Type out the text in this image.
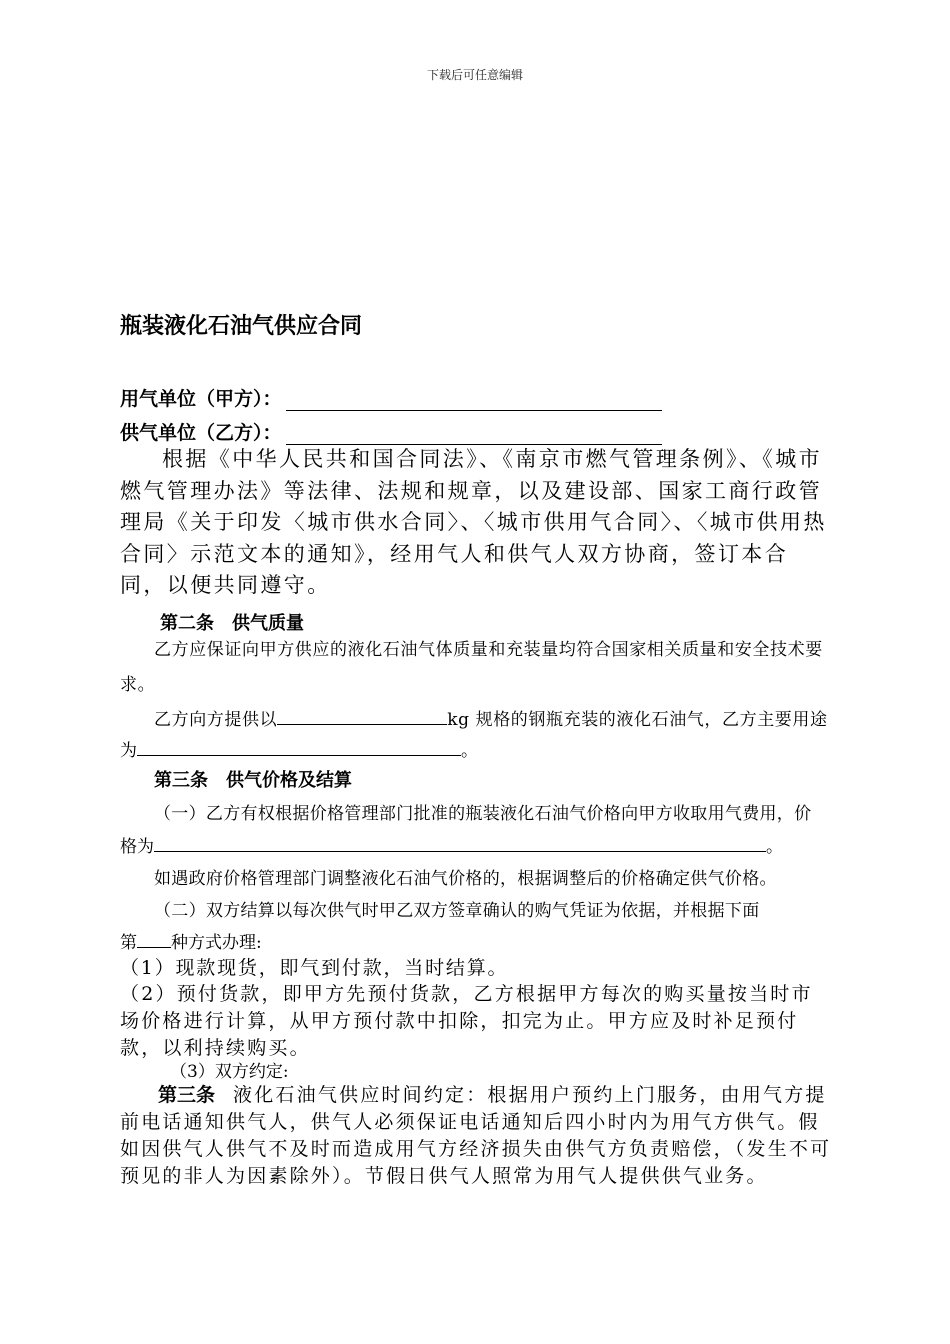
下载后可任意编辑
瓶装液化石油气供应合同
用气单位（甲方）：
供气单位（乙方）：
根据《中华人民共和国合同法》、《南京市燃气管理条例》、《城市燃气管理办法》等法律、法规和规章，以及建设部、国家工商行政管理局《关于印发〈城市供水合同〉、〈城市供用气合同〉、〈城市供用热合同〉示范文本的通知》，经用气人和供气人双方协商，签订本合同，以便共同遵守。
第二条 供气质量
乙方应保证向甲方供应的液化石油气体质量和充装量均符合国家相关质量和安全技术要求。
乙方向方提供以	kg 规格的钢瓶充装的液化石油气，乙方主要用途
为	。
第三条 供气价格及结算
（一）乙方有权根据价格管理部门批准的瓶装液化石油气价格向甲方收取用气费用，价
格为	。
如遇政府价格管理部门调整液化石油气价格的，根据调整后的价格确定供气价格。
（二）双方结算以每次供气时甲乙双方签章确认的购气凭证为依据，并根据下面
第 种方式办理:
（1）现款现货，即气到付款，当时结算。
（2）预付货款，即甲方先预付货款，乙方根据甲方每次的购买量按当时市场价格进行计算，从甲方预付款中扣除，扣完为止。甲方应及时补足预付款，以利持续购买。
（3）双方约定:
第三条 液化石油气供应时间约定：根据用户预约上门服务，由用气方提前电话通知供气人，供气人必须保证电话通知后四小时内为用气方供气。假如因供气人供气不及时而造成用气方经济损失由供气方负责赔偿，（发生不可预见的非人为因素除外）。节假日供气人照常为用气人提供供气业务。
